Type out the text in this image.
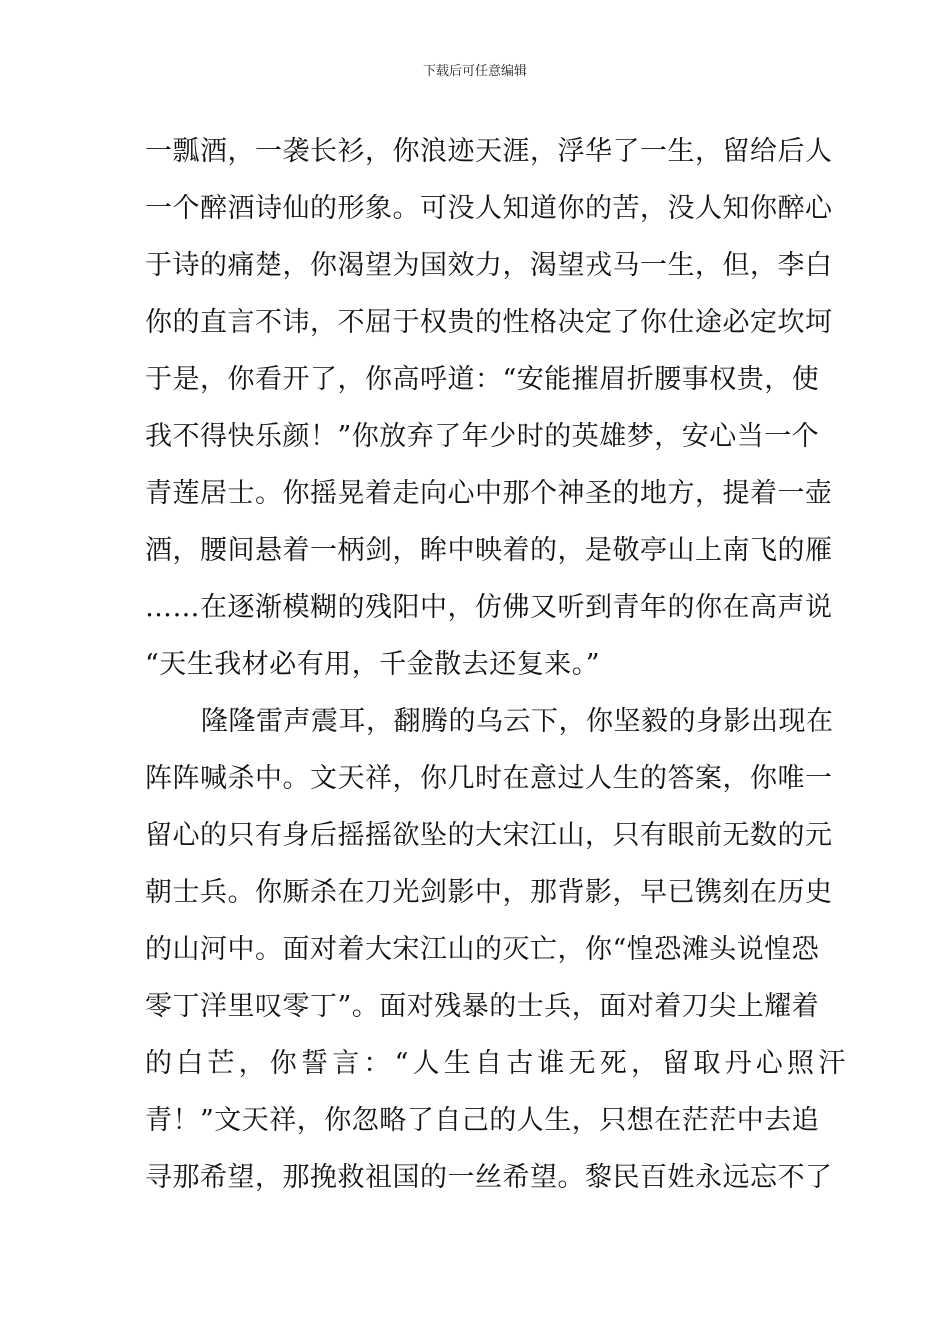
下载后可任意编辑
一瓢酒，一袭长衫，你浪迹天涯，浮华了一生，留给后人
一个醉酒诗仙的形象。可没人知道你的苦，没人知你醉心
于诗的痛楚，你渴望为国效力，渴望戎马一生，但，李白
你的直言不讳，不屈于权贵的性格决定了你仕途必定坎坷
于是，你看开了，你高呼道：“安能摧眉折腰事权贵，使
我不得快乐颜！”你放弃了年少时的英雄梦，安心当一个
青莲居士。你摇晃着走向心中那个神圣的地方，提着一壶
酒，腰间悬着一柄剑，眸中映着的，是敬亭山上南飞的雁
……在逐渐模糊的残阳中，仿佛又听到青年的你在高声说
“天生我材必有用，千金散去还复来。”
隆隆雷声震耳，翻腾的乌云下，你坚毅的身影出现在
阵阵喊杀中。文天祥，你几时在意过人生的答案，你唯一
留心的只有身后摇摇欲坠的大宋江山，只有眼前无数的元
朝士兵。你厮杀在刀光剑影中，那背影，早已镌刻在历史
的山河中。面对着大宋江山的灭亡，你“惶恐滩头说惶恐
零丁洋里叹零丁”。面对残暴的士兵，面对着刀尖上耀着
的白芒，你誓言：“人生自古谁无死，留取丹心照汗
青！”文天祥，你忽略了自己的人生，只想在茫茫中去追
寻那希望，那挽救祖国的一丝希望。黎民百姓永远忘不了
